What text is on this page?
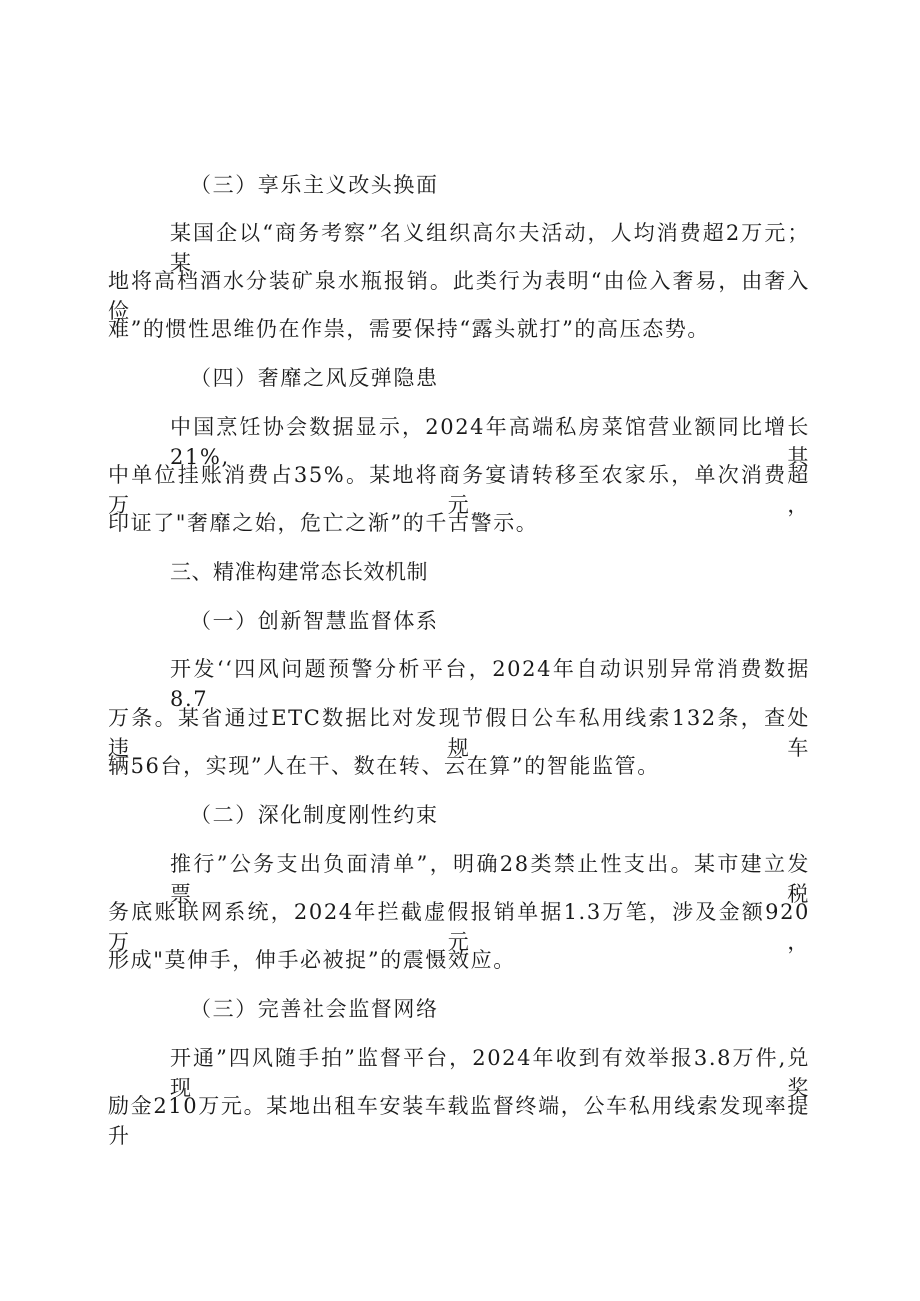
（三）享乐主义改头换面
某国企以“商务考察”名义组织高尔夫活动，人均消费超2万元；某
地将高档酒水分装矿泉水瓶报销。此类行为表明“由俭入奢易，由奢入俭
难”的惯性思维仍在作祟，需要保持“露头就打”的高压态势。
（四）奢靡之风反弹隐患
中国烹饪协会数据显示，2024年高端私房菜馆营业额同比增长21%,其
中单位挂账消费占35%。某地将商务宴请转移至农家乐，单次消费超万元，
印证了"奢靡之始，危亡之渐”的千古警示。
三、精准构建常态长效机制
（一）创新智慧监督体系
开发‘‘四风问题预警分析平台，2024年自动识别异常消费数据8.7
万条。某省通过ETC数据比对发现节假日公车私用线索132条，查处违规车
辆56台，实现”人在干、数在转、云在算”的智能监管。
（二）深化制度刚性约束
推行”公务支出负面清单”，明确28类禁止性支出。某市建立发票税
务底账联网系统，2024年拦截虚假报销单据1.3万笔，涉及金额920万元，
形成"莫伸手，伸手必被捉”的震慑效应。
（三）完善社会监督网络
开通”四风随手拍”监督平台，2024年收到有效举报3.8万件,兑现奖
励金210万元。某地出租车安装车载监督终端，公车私用线索发现率提升
